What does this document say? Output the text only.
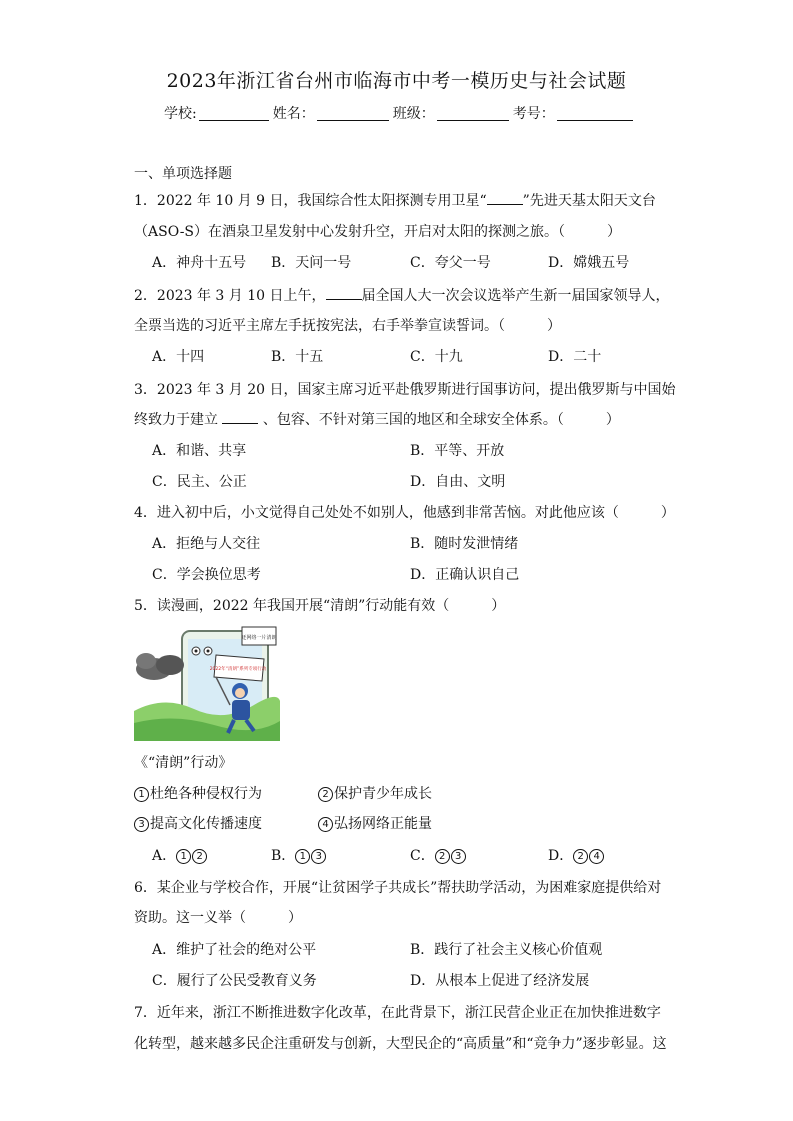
2023年浙江省台州市临海市中考一模历史与社会试题
学校:	姓名：	班级：	考号：
一、单项选择题
1．2022 年 10 月 9 日，我国综合性太阳探测专用卫星“	”先进天基太阳天文台
（ASO-S）在酒泉卫星发射中心发射升空，开启对太阳的探测之旅。（　　　）
A．神舟十五号 B．天问一号	C．夸父一号	D．嫦娥五号
2．2023 年 3 月 10 日上午，	届全国人大一次会议选举产生新一届国家领导人，
全票当选的习近平主席左手抚按宪法，右手举拳宣读誓词。（　　　）
A．十四	B．十五	C．十九	D．二十
3．2023 年 3 月 20 日，国家主席习近平赴俄罗斯进行国事访问，提出俄罗斯与中国始
终致力于建立	、包容、不针对第三国的地区和全球安全体系。（　　　）
A．和谐、共享	B．平等、开放
C．民主、公正	D．自由、文明
4．进入初中后，小文觉得自己处处不如别人，他感到非常苦恼。对此他应该（　　　）
A．拒绝与人交往	B．随时发泄情绪
C．学会换位思考	D．正确认识自己
5．读漫画，2022 年我国开展“清朗”行动能有效（　　　）
还网络一片清朗
2022年“清朗”系列专项行动
《“清朗”行动》
1 杜绝各种侵权行为	2 保护青少年成长
3 提高文化传播速度	4 弘扬网络正能量
A． 1 2	B． 1 3	C． 2 3	D． 2 4
6．某企业与学校合作，开展“让贫困学子共成长”帮扶助学活动，为困难家庭提供给对
资助。这一义举（　　　）
A．维护了社会的绝对公平	B．践行了社会主义核心价值观
C．履行了公民受教育义务	D．从根本上促进了经济发展
7．近年来，浙江不断推进数字化改革，在此背景下，浙江民营企业正在加快推进数字
化转型，越来越多民企注重研发与创新，大型民企的“高质量”和“竞争力”逐步彰显。这
